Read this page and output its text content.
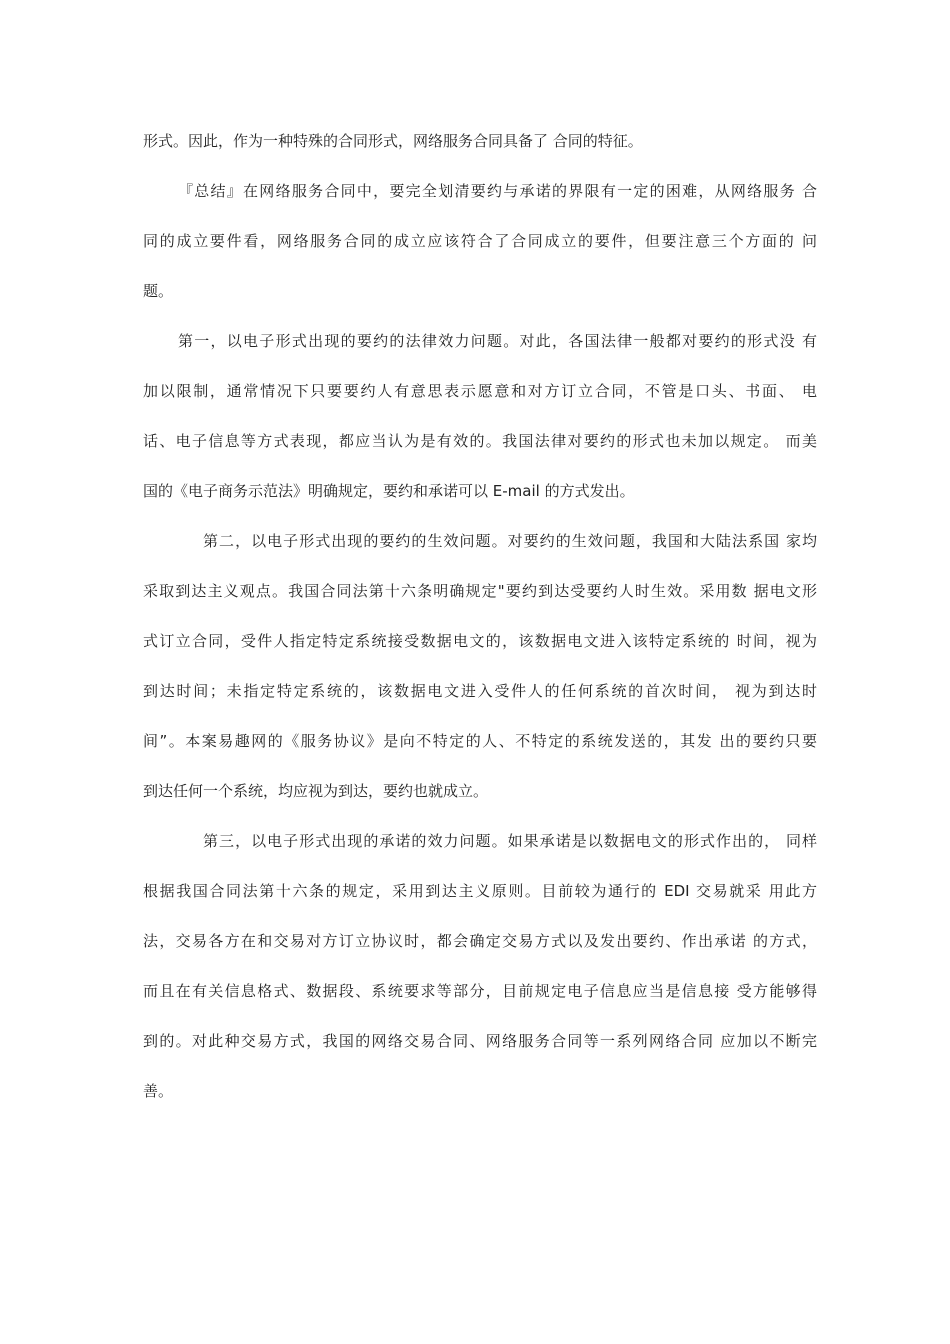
形式。因此，作为一种特殊的合同形式，网络服务合同具备了 合同的特征。
『总结』在网络服务合同中，要完全划清要约与承诺的界限有一定的困难，从网络服务 合
同的成立要件看，网络服务合同的成立应该符合了合同成立的要件，但要注意三个方面的 问
题。
第一，以电子形式出现的要约的法律效力问题。对此，各国法律一般都对要约的形式没 有
加以限制，通常情况下只要要约人有意思表示愿意和对方订立合同，不管是口头、书面、 电
话、电子信息等方式表现，都应当认为是有效的。我国法律对要约的形式也未加以规定。 而美
国的《电子商务示范法》明确规定，要约和承诺可以 E-mail 的方式发出。
第二，以电子形式出现的要约的生效问题。对要约的生效问题，我国和大陆法系国 家均
采取到达主义观点。我国合同法第十六条明确规定"要约到达受要约人时生效。采用数 据电文形
式订立合同，受件人指定特定系统接受数据电文的，该数据电文进入该特定系统的 时间，视为
到达时间；未指定特定系统的，该数据电文进入受件人的任何系统的首次时间， 视为到达时
间”。本案易趣网的《服务协议》是向不特定的人、不特定的系统发送的，其发 出的要约只要
到达任何一个系统，均应视为到达，要约也就成立。
第三，以电子形式出现的承诺的效力问题。如果承诺是以数据电文的形式作出的， 同样
根据我国合同法第十六条的规定，采用到达主义原则。目前较为通行的 EDI 交易就采 用此方
法，交易各方在和交易对方订立协议时，都会确定交易方式以及发出要约、作出承诺 的方式，
而且在有关信息格式、数据段、系统要求等部分，目前规定电子信息应当是信息接 受方能够得
到的。对此种交易方式，我国的网络交易合同、网络服务合同等一系列网络合同 应加以不断完
善。
